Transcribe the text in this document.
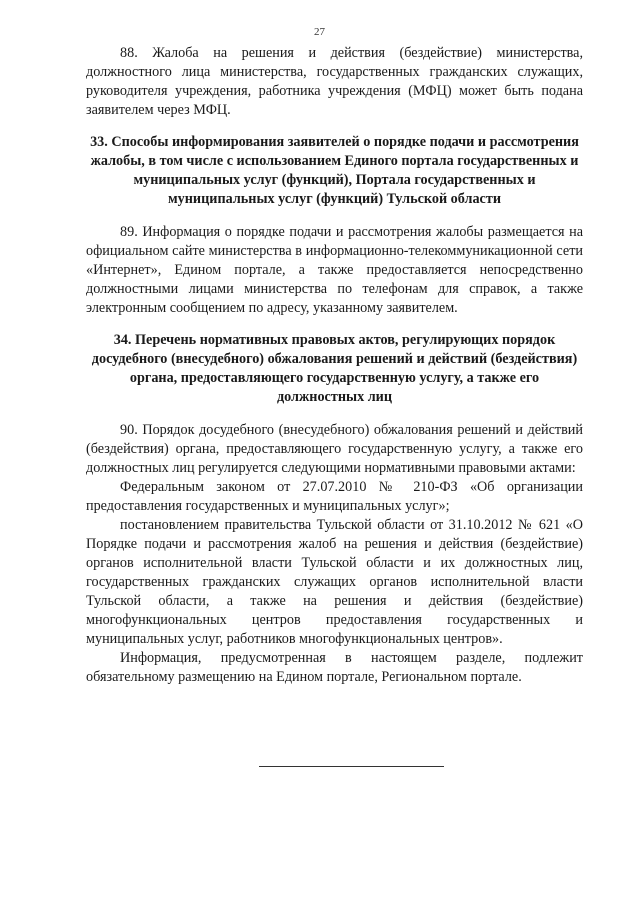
27

88. Жалоба на решения и действия (бездействие) министерства, должностного лица министерства, государственных гражданских служащих, руководителя учреждения, работника учреждения (МФЦ) может быть подана заявителем через МФЦ.

33. Способы информирования заявителей о порядке подачи и рассмотрения жалобы, в том числе с использованием Единого портала государственных и муниципальных услуг (функций), Портала государственных и муниципальных услуг (функций) Тульской области

89. Информация о порядке подачи и рассмотрения жалобы размещается на официальном сайте министерства в информационно-телекоммуникационной сети «Интернет», Едином портале, а также предоставляется непосредственно должностными лицами министерства по телефонам для справок, а также электронным сообщением по адресу, указанному заявителем.

34. Перечень нормативных правовых актов, регулирующих порядок досудебного (внесудебного) обжалования решений и действий (бездействия) органа, предоставляющего государственную услугу, а также его должностных лиц

90. Порядок досудебного (внесудебного) обжалования решений и действий (бездействия) органа, предоставляющего государственную услугу, а также его должностных лиц регулируется следующими нормативными правовыми актами:

Федеральным законом от 27.07.2010 № 210-ФЗ «Об организации предоставления государственных и муниципальных услуг»;

постановлением правительства Тульской области от 31.10.2012 № 621 «О Порядке подачи и рассмотрения жалоб на решения и действия (бездействие) органов исполнительной власти Тульской области и их должностных лиц, государственных гражданских служащих органов исполнительной власти Тульской области, а также на решения и действия (бездействие) многофункциональных центров предоставления государственных и муниципальных услуг, работников многофункциональных центров».

Информация, предусмотренная в настоящем разделе, подлежит обязательному размещению на Едином портале, Региональном портале.
